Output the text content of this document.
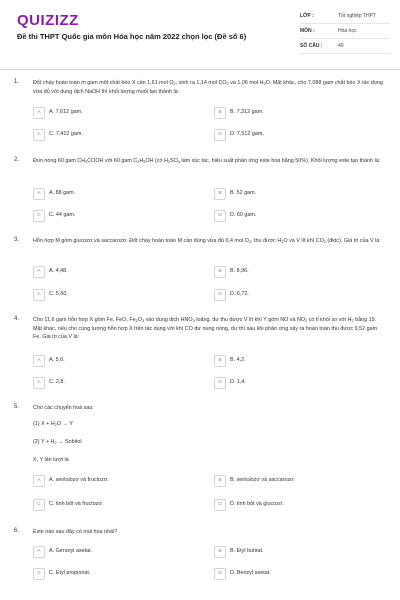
QUIZIZZ
Đề thi THPT Quốc gia môn Hóa học năm 2022 chọn lọc (Đề số 6)
LỚP :	Tốt nghiệp THPT
MÔN :	Hóa học
SỐ CÂU :	40
1.	Đốt cháy hoàn toàn m gam một chất béo X cần 1,61 mol $O_2$, sinh ra 1,14 mol $CO_2$ và 1,06 mol $H_2O$. Mặt khác, cho 7,088 gam chất béo X tác dụng vừa đủ với dung dịch NaOH thì khối lượng muối tạo thành là:
A	A. 7,612 gam.	B	B. 7,312 gam.
C	C. 7,412 gam.	D	D. 7,512 gam.
2.	Đun nóng 60 gam $CH_3COOH$ với 60 gam $C_2H_5OH$ (có $H_2SO_4$ làm xúc tác, hiệu suất phản ứng este hoá bằng 50%). Khối lượng este tạo thành là:
A	A. 88 gam.	B	B. 52 gam.
C	C. 44 gam.	D	D. 60 gam.
3.	Hỗn hợp M gồm glucozơ và saccarozơ. Đốt cháy hoàn toàn M cần dùng vừa đủ 0,4 mol $O_2$, thu được $H_2O$ và V lít khí $CO_2$ (đktc). Giá trị của V là:
A	A. 4,48.	B	B. 8,96.
C	C. 5,60.	D	D. 6,72.
4.	Cho 11,6 gam hỗn hợp X gồm Fe, FeO, $Fe_2O_3$ vào dung dịch $HNO_3$ loãng, dư thu được V lít khí Y gồm NO và $NO_2$ có tỉ khối so với $H_2$ bằng 19. Mặt khác, nếu cho cùng lượng hỗn hợp X trên tác dụng với khí CO dư nung nóng, dư thì sau khi phản ứng xảy ra hoàn toàn thu được 9,52 gam Fe. Giá trị của V là:
A	A. 5,6.	B	B. 4,2.
C	C. 2,8.	D	D. 1,4.
5.	Cho các chuyển hoá sau:
(1) $X + H_2O \to Y$
(2) $Y + H_2$ → Sobitol
X, Y lần lượt là
A	A. xenlulozơ và fructozơ.	B	B. xenlulozơ và saccarozơ.
C	C. tinh bột và fructozơ.	D	D. tinh bột và glucozơ.
6.	Este nào sau đây có mùi hoa nhài?
A	A. Geranyl axetat.	B	B. Etyl butirat.
C	C. Etyl propionat.	D	D. Benzyl axetat.
